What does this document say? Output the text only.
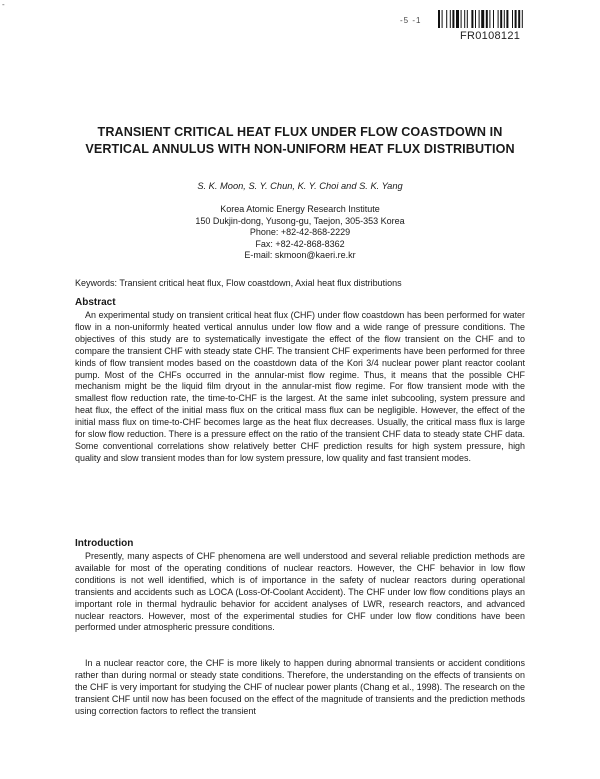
-
-5 -1
FR0108121
TRANSIENT CRITICAL HEAT FLUX UNDER FLOW COASTDOWN IN
VERTICAL ANNULUS WITH NON-UNIFORM HEAT FLUX DISTRIBUTION

S. K. Moon, S. Y. Chun, K. Y. Choi and S. K. Yang

Korea Atomic Energy Research Institute
150 Dukjin-dong, Yusong-gu, Taejon, 305-353 Korea
Phone: +82-42-868-2229
Fax: +82-42-868-8362
E-mail: skmoon@kaeri.re.kr

Keywords: Transient critical heat flux, Flow coastdown, Axial heat flux distributions

Abstract

An experimental study on transient critical heat flux (CHF) under flow coastdown has been performed for water flow in a non-uniformly heated vertical annulus under low flow and a wide range of pressure conditions. The objectives of this study are to systematically investigate the effect of the flow transient on the CHF and to compare the transient CHF with steady state CHF. The transient CHF experiments have been performed for three kinds of flow transient modes based on the coastdown data of the Kori 3/4 nuclear power plant reactor coolant pump. Most of the CHFs occurred in the annular-mist flow regime. Thus, it means that the possible CHF mechanism might be the liquid film dryout in the annular-mist flow regime. For flow transient mode with the smallest flow reduction rate, the time-to-CHF is the largest. At the same inlet subcooling, system pressure and heat flux, the effect of the initial mass flux on the critical mass flux can be negligible. However, the effect of the initial mass flux on time-to-CHF becomes large as the heat flux decreases. Usually, the critical mass flux is large for slow flow reduction. There is a pressure effect on the ratio of the transient CHF data to steady state CHF data. Some conventional correlations show relatively better CHF prediction results for high system pressure, high quality and slow transient modes than for low system pressure, low quality and fast transient modes.

Introduction

Presently, many aspects of CHF phenomena are well understood and several reliable prediction methods are available for most of the operating conditions of nuclear reactors. However, the CHF behavior in low flow conditions is not well identified, which is of importance in the safety of nuclear reactors during operational transients and accidents such as LOCA (Loss-Of-Coolant Accident). The CHF under low flow conditions plays an important role in thermal hydraulic behavior for accident analyses of LWR, research reactors, and advanced nuclear reactors. However, most of the experimental studies for CHF under low flow conditions have been performed under atmospheric pressure conditions.

In a nuclear reactor core, the CHF is more likely to happen during abnormal transients or accident conditions rather than during normal or steady state conditions. Therefore, the understanding on the effects of transients on the CHF is very important for studying the CHF of nuclear power plants (Chang et al., 1998). The research on the transient CHF until now has been focused on the effect of the magnitude of transients and the prediction methods using correction factors to reflect the transient
